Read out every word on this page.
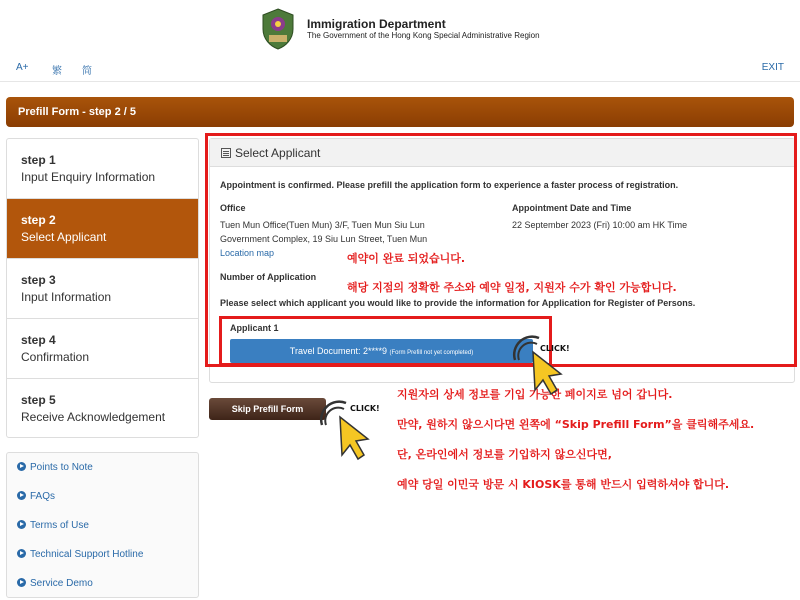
Immigration Department
The Government of the Hong Kong Special Administrative Region
A+ 繁 简	EXIT
Prefill Form - step 2 / 5
step 1
Input Enquiry Information
step 2
Select Applicant
step 3
Input Information
step 4
Confirmation
step 5
Receive Acknowledgement
Points to Note
FAQs
Terms of Use
Technical Support Hotline
Service Demo
Select Applicant
Appointment is confirmed. Please prefill the application form to experience a faster process of registration.
Office
Tuen Mun Office(Tuen Mun) 3/F, Tuen Mun Siu Lun
Government Complex, 19 Siu Lun Street, Tuen Mun
Location map
Appointment Date and Time
22 September 2023 (Fri) 10:00 am HK Time
Number of Application
Please select which applicant you would like to provide the information for Application for Register of Persons.
Applicant 1
Travel Document: 2****9 (Form Prefill not yet completed)
Skip Prefill Form
예약이 완료 되었습니다.
해당 지점의 정확한 주소와 예약 일정, 지원자 수가 확인 가능합니다.
지원자의 상세 정보를 기입 가능한 페이지로 넘어 갑니다.
만약, 원하지 않으시다면 왼쪽에 “Skip Prefill Form”을 클릭해주세요.
단, 온라인에서 정보를 기입하지 않으신다면,
예약 당일 이민국 방문 시 KIOSK를 통해 반드시 입력하셔야 합니다.
CLICK!
CLICK!
